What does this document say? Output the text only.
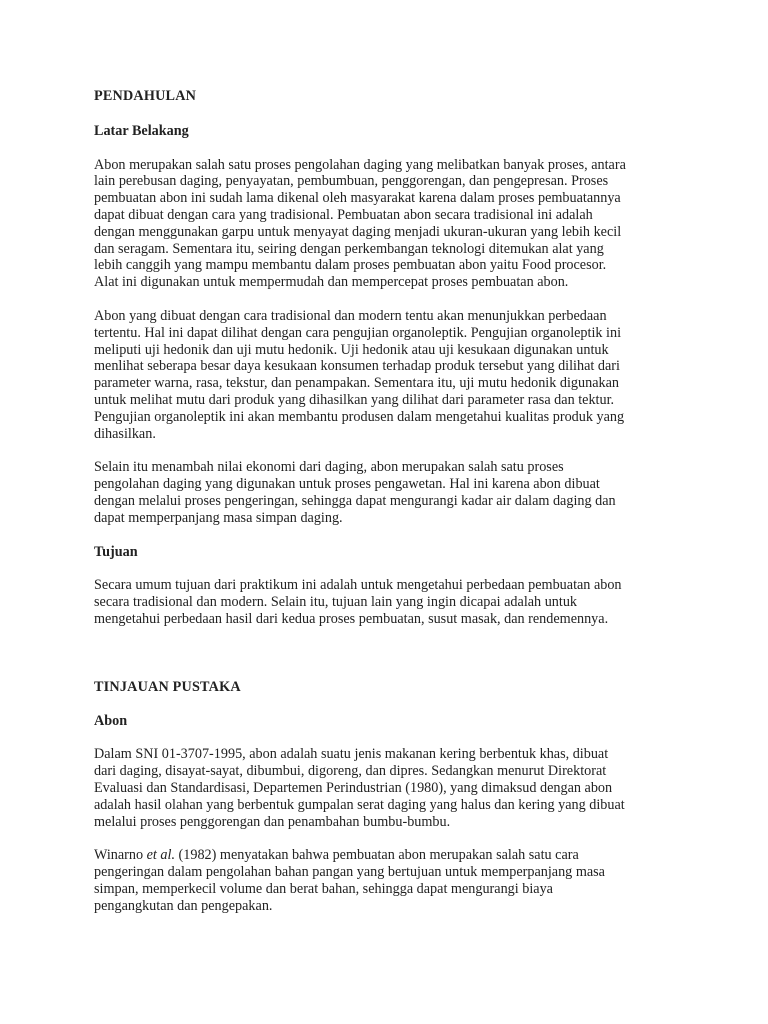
PENDAHULAN

Latar Belakang

Abon merupakan salah satu proses pengolahan daging yang melibatkan banyak proses, antara
lain perebusan daging, penyayatan, pembumbuan, penggorengan, dan pengepresan. Proses
pembuatan abon ini sudah lama dikenal oleh masyarakat karena dalam proses pembuatannya
dapat dibuat dengan cara yang tradisional. Pembuatan abon secara tradisional ini adalah
dengan menggunakan garpu untuk menyayat daging menjadi ukuran-ukuran yang lebih kecil
dan seragam. Sementara itu, seiring dengan perkembangan teknologi ditemukan alat yang
lebih canggih yang mampu membantu dalam proses pembuatan abon yaitu Food procesor.
Alat ini digunakan untuk mempermudah dan mempercepat proses pembuatan abon.

Abon yang dibuat dengan cara tradisional dan modern tentu akan menunjukkan perbedaan
tertentu. Hal ini dapat dilihat dengan cara pengujian organoleptik. Pengujian organoleptik ini
meliputi uji hedonik dan uji mutu hedonik. Uji hedonik atau uji kesukaan digunakan untuk
menlihat seberapa besar daya kesukaan konsumen terhadap produk tersebut yang dilihat dari
parameter warna, rasa, tekstur, dan penampakan. Sementara itu, uji mutu hedonik digunakan
untuk melihat mutu dari produk yang dihasilkan yang dilihat dari parameter rasa dan tektur.
Pengujian organoleptik ini akan membantu produsen dalam mengetahui kualitas produk yang
dihasilkan.

Selain itu menambah nilai ekonomi dari daging, abon merupakan salah satu proses
pengolahan daging yang digunakan untuk proses pengawetan. Hal ini karena abon dibuat
dengan melalui proses pengeringan, sehingga dapat mengurangi kadar air dalam daging dan
dapat memperpanjang masa simpan daging.

Tujuan

Secara umum tujuan dari praktikum ini adalah untuk mengetahui perbedaan pembuatan abon
secara tradisional dan modern. Selain itu, tujuan lain yang ingin dicapai adalah untuk
mengetahui perbedaan hasil dari kedua proses pembuatan, susut masak, dan rendemennya.

TINJAUAN PUSTAKA

Abon

Dalam SNI 01-3707-1995, abon adalah suatu jenis makanan kering berbentuk khas, dibuat
dari daging, disayat-sayat, dibumbui, digoreng, dan dipres. Sedangkan menurut Direktorat
Evaluasi dan Standardisasi, Departemen Perindustrian (1980), yang dimaksud dengan abon
adalah hasil olahan yang berbentuk gumpalan serat daging yang halus dan kering yang dibuat
melalui proses penggorengan dan penambahan bumbu-bumbu.

Winarno et al. (1982) menyatakan bahwa pembuatan abon merupakan salah satu cara
pengeringan dalam pengolahan bahan pangan yang bertujuan untuk memperpanjang masa
simpan, memperkecil volume dan berat bahan, sehingga dapat mengurangi biaya
pengangkutan dan pengepakan.
